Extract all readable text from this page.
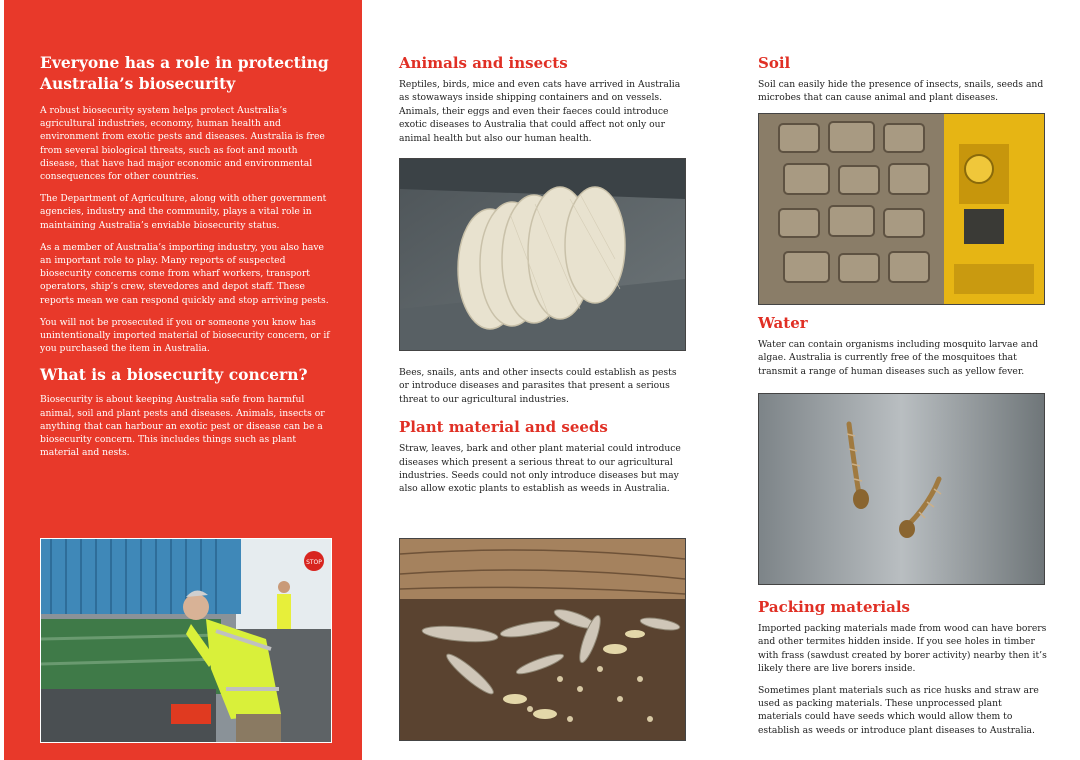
Everyone has a role in protecting Australia’s biosecurity

A robust biosecurity system helps protect Australia’s agricultural industries, economy, human health and environment from exotic pests and diseases. Australia is free from several biological threats, such as foot and mouth disease, that have had major economic and environmental consequences for other countries.

The Department of Agriculture, along with other government agencies, industry and the community, plays a vital role in maintaining Australia’s enviable biosecurity status.

As a member of Australia’s importing industry, you also have an important role to play. Many reports of suspected biosecurity concerns come from wharf workers, transport operators, ship’s crew, stevedores and depot staff. These reports mean we can respond quickly and stop arriving pests.

You will not be prosecuted if you or someone you know has unintentionally imported material of biosecurity concern, or if you purchased the item in Australia.

What is a biosecurity concern?

Biosecurity is about keeping Australia safe from harmful animal, soil and plant pests and diseases. Animals, insects or anything that can harbour an exotic pest or disease can be a biosecurity concern. This includes things such as plant material and nests.

STOP
Animals and insects

Reptiles, birds, mice and even cats have arrived in Australia as stowaways inside shipping containers and on vessels. Animals, their eggs and even their faeces could introduce exotic diseases to Australia that could affect not only our animal health but also our human health.

Bees, snails, ants and other insects could establish as pests or introduce diseases and parasites that present a serious threat to our agricultural industries.

Plant material and seeds

Straw, leaves, bark and other plant material could introduce diseases which present a serious threat to our agricultural industries. Seeds could not only introduce diseases but may also allow exotic plants to establish as weeds in Australia.

Soil

Soil can easily hide the presence of insects, snails, seeds and microbes that can cause animal and plant diseases.

Water

Water can contain organisms including mosquito larvae and algae. Australia is currently free of the mosquitoes that transmit a range of human diseases such as yellow fever.

Packing materials

Imported packing materials made from wood can have borers and other termites hidden inside. If you see holes in timber with frass (sawdust created by borer activity) nearby then it’s likely there are live borers inside.

Sometimes plant materials such as rice husks and straw are used as packing materials. These unprocessed plant materials could have seeds which would allow them to establish as weeds or introduce plant diseases to Australia.
